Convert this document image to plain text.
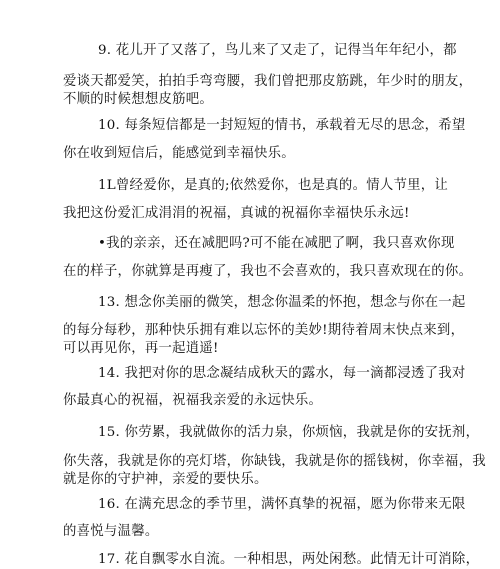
9. 花儿开了又落了，鸟儿来了又走了，记得当年年纪小，都
爱谈天都爱笑，拍拍手弯弯腰，我们曾把那皮筋跳，年少时的朋友，
不顺的时候想想皮筋吧。
10. 每条短信都是一封短短的情书，承载着无尽的思念，希望
你在收到短信后，能感觉到幸福快乐。
1L曾经爱你，是真的;依然爱你，也是真的。情人节里，让
我把这份爱汇成涓涓的祝福，真诚的祝福你幸福快乐永远!
•我的亲亲，还在减肥吗?可不能在减肥了啊，我只喜欢你现
在的样子，你就算是再瘦了，我也不会喜欢的，我只喜欢现在的你。
13. 想念你美丽的微笑，想念你温柔的怀抱，想念与你在一起
的每分每秒，那种快乐拥有难以忘怀的美妙!期待着周末快点来到，
可以再见你，再一起逍遥!
14. 我把对你的思念凝结成秋天的露水，每一滴都浸透了我对
你最真心的祝福，祝福我亲爱的永远快乐。
15. 你劳累，我就做你的活力泉，你烦恼，我就是你的安抚剂，
你失落，我就是你的亮灯塔，你缺钱，我就是你的摇钱树，你幸福，我
就是你的守护神，亲爱的要快乐。
16. 在满充思念的季节里，满怀真挚的祝福，愿为你带来无限
的喜悦与温馨。
17. 花自飘零水自流。一种相思，两处闲愁。此情无计可消除，
